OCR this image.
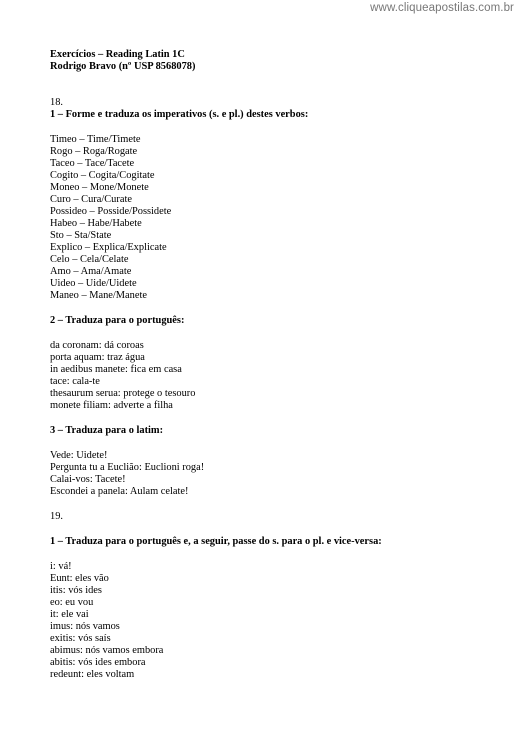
www.cliqueapostilas.com.br
Exercícios – Reading Latin 1C
Rodrigo Bravo (nº USP 8568078)
18.
1 – Forme e traduza os imperativos (s. e pl.) destes verbos:
Timeo – Time/Timete
Rogo – Roga/Rogate
Taceo – Tace/Tacete
Cogito – Cogita/Cogitate
Moneo – Mone/Monete
Curo – Cura/Curate
Possideo – Posside/Possidete
Habeo – Habe/Habete
Sto – Sta/State
Explico – Explica/Explicate
Celo – Cela/Celate
Amo – Ama/Amate
Uideo – Uide/Uidete
Maneo – Mane/Manete
2 – Traduza para o português:
da coronam: dá coroas
porta aquam: traz água
in aedibus manete: fica em casa
tace: cala-te
thesaurum serua: protege o tesouro
monete filiam: adverte a filha
3 – Traduza para o latim:
Vede: Uidete!
Pergunta tu a Euclião: Euclioni roga!
Calai-vos: Tacete!
Escondei a panela: Aulam celate!
19.
1 – Traduza para o português e, a seguir, passe do s. para o pl. e vice-versa:
i: vá!
Eunt: eles vão
itis: vós ides
eo: eu vou
it: ele vai
imus: nós vamos
exitis: vós saís
abimus: nós vamos embora
abitis: vós ides embora
redeunt: eles voltam
